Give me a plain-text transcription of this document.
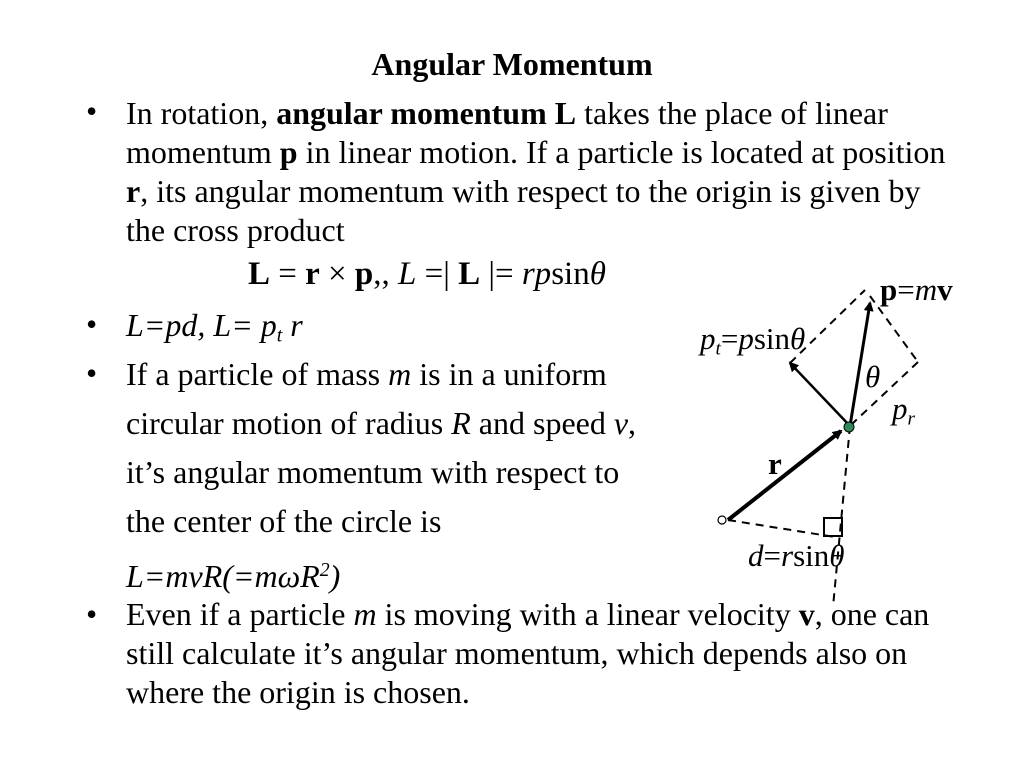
Angular Momentum
• In rotation, angular momentum L takes the place of linear momentum p in linear motion. If a particle is located at position r, its angular momentum with respect to the origin is given by the cross product
L = r × p,, L =| L |= rpsinθ
• L=pd, $L= p_t$ r
• If a particle of mass m is in a uniform
circular motion of radius R and speed v,
it’s angular momentum with respect to
the center of the circle is
L=mvR(=mωR$^2$)
• Even if a particle m is moving with a linear velocity v, one can still calculate it’s angular momentum, which depends also on where the origin is chosen.
p=mv
$p_t=psin\theta$
θ
$p_r$
r
d=rsinθ
